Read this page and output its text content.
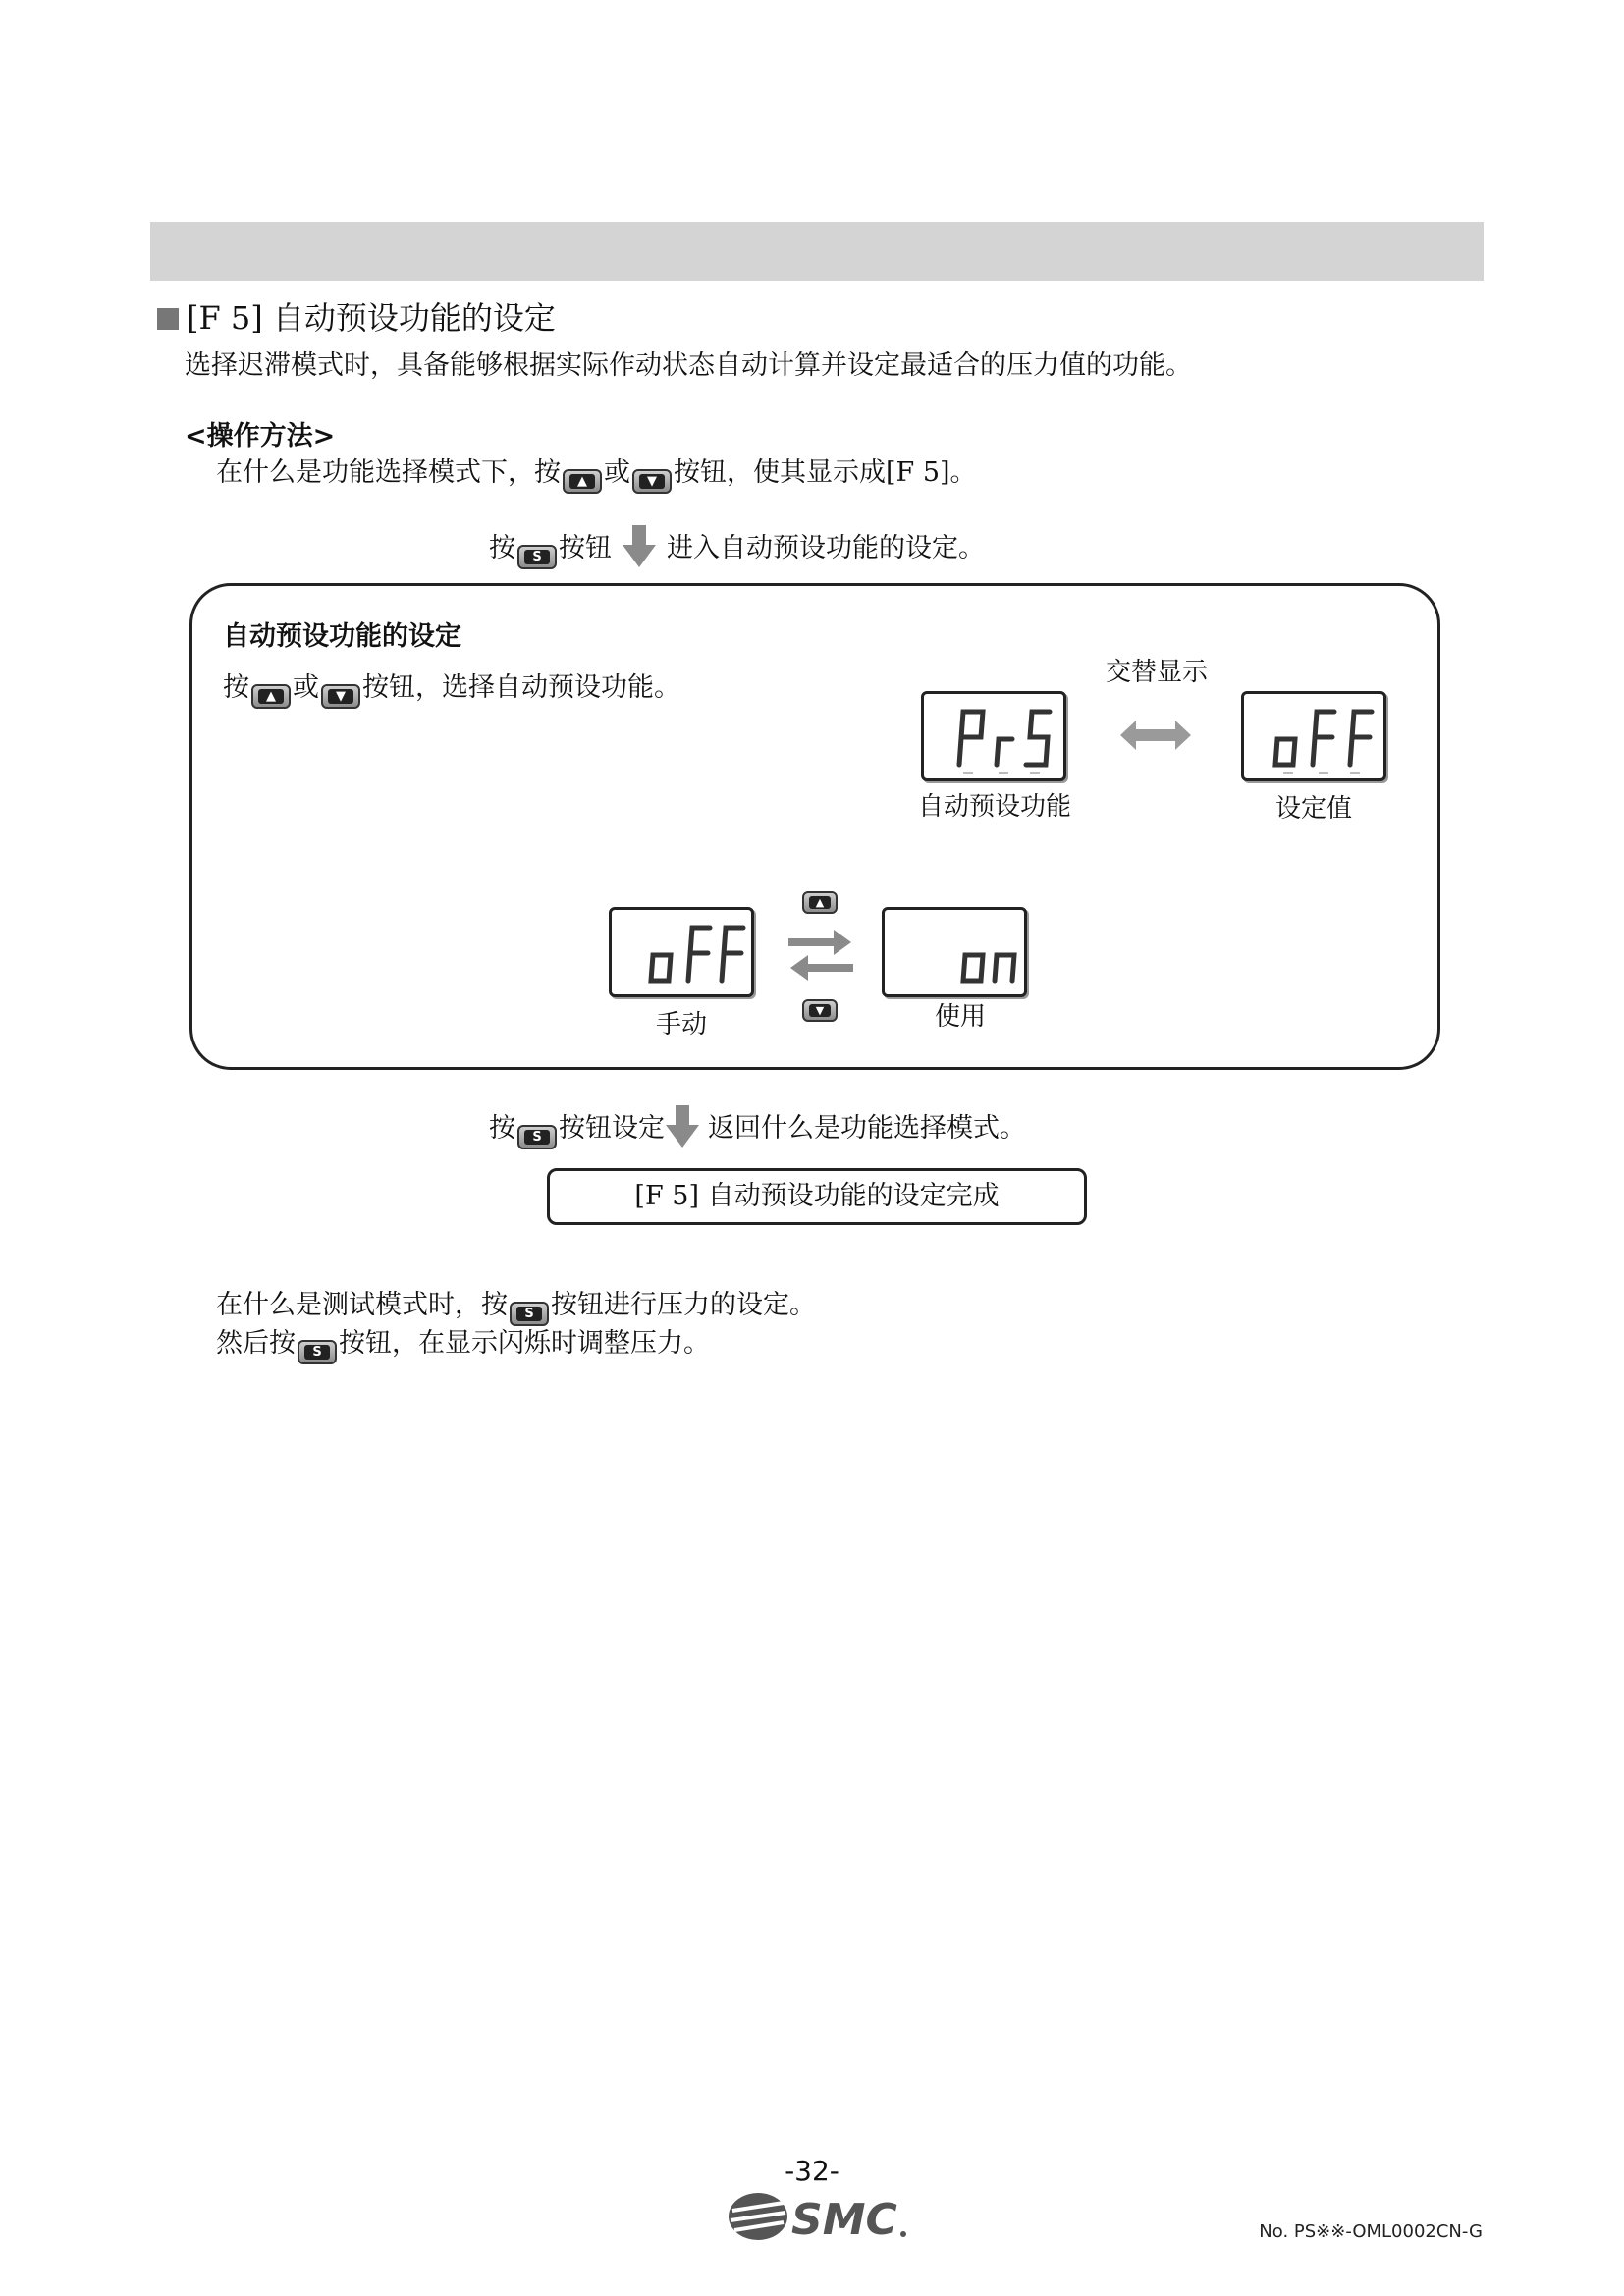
[F 5] 自动预设功能的设定
选择迟滞模式时，具备能够根据实际作动状态自动计算并设定最适合的压力值的功能。
<操作方法>
在什么是功能选择模式下，按	▲ 或	▼ 按钮，使其显示成[F 5]。
按	S 按钮 进入自动预设功能的设定。
自动预设功能的设定
按	▲ 或	▼ 按钮，选择自动预设功能。	交替显示
自动预设功能	设定值
▲
▼
手动	使用
按	S 按钮设定 返回什么是功能选择模式。
[F 5] 自动预设功能的设定完成
在什么是测试模式时，按	S 按钮进行压力的设定。
然后按	S 按钮，在显示闪烁时调整压力。
-32-
SMC	No. PS※※-OML0002CN-G
